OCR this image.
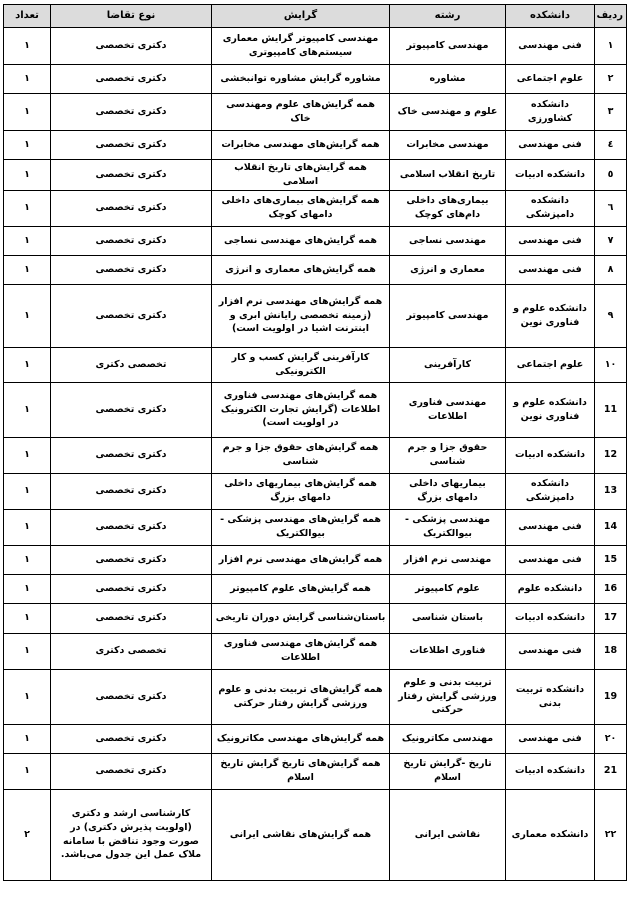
ردیف	دانشکده	رشته	گرایش	نوع تقاضا	تعداد
۱	فنی مهندسی	مهندسی کامپیوتر	مهندسی کامپیوتر گرایش معماری سیستم‌های کامپیوتری	دکتری تخصصی	۱
۲	علوم اجتماعی	مشاوره	مشاوره گرایش مشاوره توانبخشی	دکتری تخصصی	۱
۳	دانشکده کشاورزی	علوم و مهندسی خاک	همه گرایش‌های علوم ومهندسی خاک	دکتری تخصصی	۱
٤	فنی مهندسی	مهندسی مخابرات	همه گرایش‌های مهندسی مخابرات	دکتری تخصصی	۱
٥	دانشکده ادبیات	تاریخ انقلاب اسلامی	همه گرایش‌های تاریخ انقلاب اسلامی	دکتری تخصصی	۱
٦	دانشکده دامپزشکی	بیماری‌های داخلی دام‌های کوچک	همه گرایش‌های بیماری‌های داخلی دامهای کوچک	دکتری تخصصی	۱
۷	فنی مهندسی	مهندسی نساجی	همه گرایش‌های مهندسی نساجی	دکتری تخصصی	۱
۸	فنی مهندسی	معماری و انرژی	همه گرایش‌های معماری و انرژی	دکتری تخصصی	۱
۹	دانشکده علوم و فناوری نوین	مهندسی کامپیوتر	همه گرایش‌های مهندسی نرم افزار (زمینه تخصصی رایانش ابری و اینترنت اشیا در اولویت است)	دکتری تخصصی	۱
۱۰	علوم اجتماعی	کارآفرینی	کارآفرینی گرایش کسب و کار الکترونیکی	تخصصی دکتری	۱
11	دانشکده علوم و فناوری نوین	مهندسی فناوری اطلاعات	همه گرایش‌های مهندسی فناوری اطلاعات (گرایش تجارت الکترونیک در اولویت است)	دکتری تخصصی	۱
12	دانشکده ادبیات	حقوق جزا و جرم شناسی	همه گرایش‌های حقوق جزا و جرم شناسی	دکتری تخصصی	۱
13	دانشکده دامپزشکی	بیماریهای داخلی دامهای بزرگ	همه گرایش‌های بیماریهای داخلی دامهای بزرگ	دکتری تخصصی	۱
14	فنی مهندسی	مهندسی پزشکی - بیوالکتریک	همه گرایش‌های مهندسی پزشکی - بیوالکتریک	دکتری تخصصی	۱
15	فنی مهندسی	مهندسی نرم افزار	همه گرایش‌های مهندسی نرم افزار	دکتری تخصصی	۱
16	دانشکده علوم	علوم کامپیوتر	همه گرایش‌های علوم کامپیوتر	دکتری تخصصی	۱
17	دانشکده ادبیات	باستان شناسی	باستان‌شناسی گرایش دوران تاریخی	دکتری تخصصی	۱
18	فنی مهندسی	فناوری اطلاعات	همه گرایش‌های مهندسی فناوری اطلاعات	تخصصی دکتری	۱
19	دانشکده تربیت بدنی	تربیت بدنی و علوم ورزشی گرایش رفتار حرکتی	همه گرایش‌های تربیت بدنی و علوم ورزشی گرایش رفتار حرکتی	دکتری تخصصی	۱
۲۰	فنی مهندسی	مهندسی مکاترونیک	همه گرایش‌های مهندسی مکاترونیک	دکتری تخصصی	۱
21	دانشکده ادبیات	تاریخ -گرایش تاریخ اسلام	همه گرایش‌های تاریخ گرایش تاریخ اسلام	دکتری تخصصی	۱
۲۲	دانشکده معماری	نقاشی ایرانی	همه گرایش‌های نقاشی ایرانی	کارشناسی ارشد و دکتری (اولویت پذیرش دکتری) در صورت وجود تناقض با سامانه ملاک عمل این جدول می‌باشد.	۲
